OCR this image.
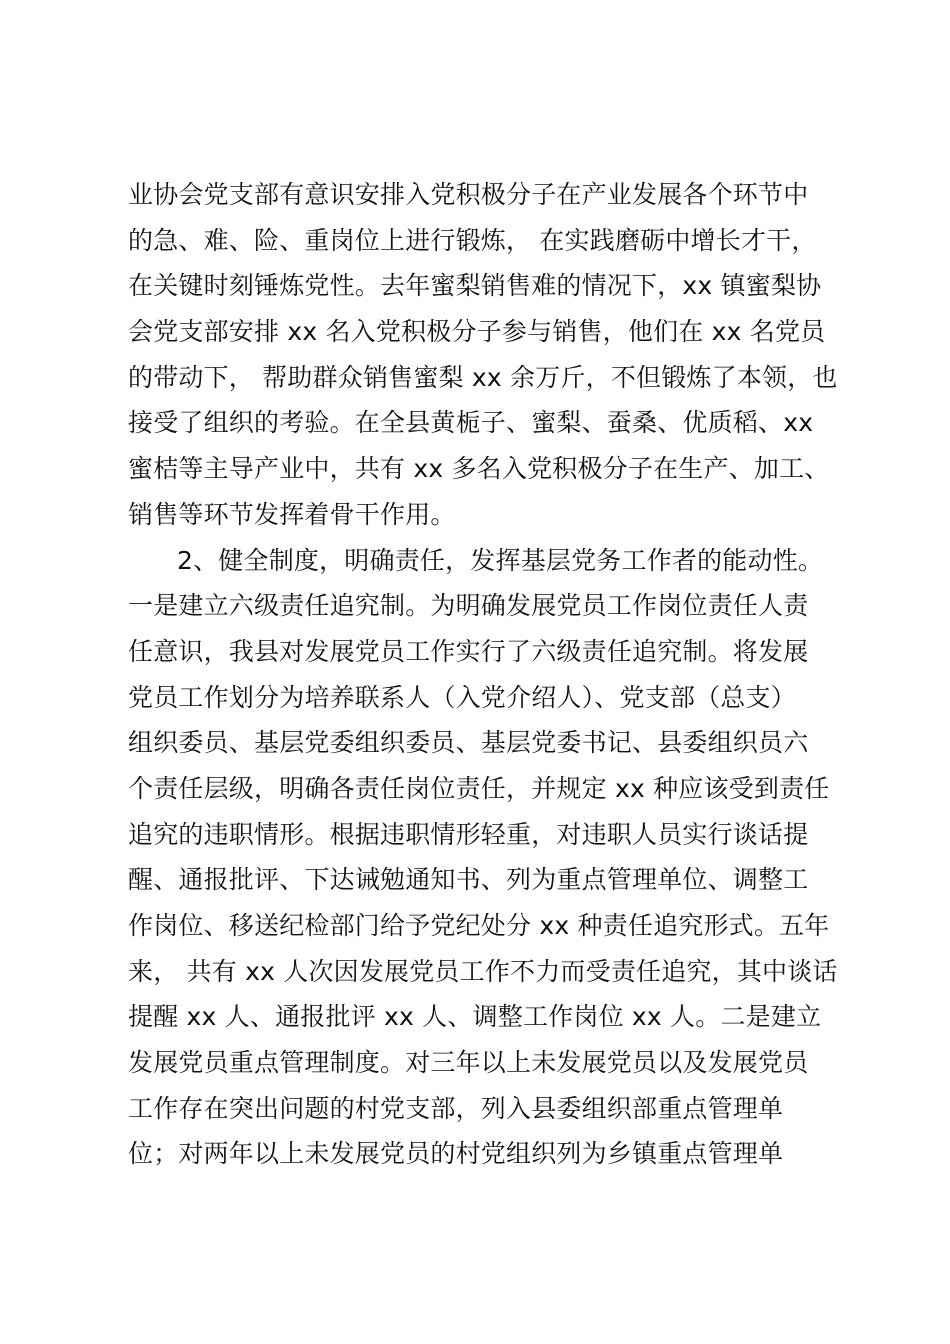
业协会党支部有意识安排入党积极分子在产业发展各个环节中
的急、难、险、重岗位上进行锻炼， 在实践磨砺中增长才干，
在关键时刻锤炼党性。去年蜜梨销售难的情况下，xx 镇蜜梨协
会党支部安排 xx 名入党积极分子参与销售，他们在 xx 名党员
的带动下， 帮助群众销售蜜梨 xx 余万斤，不但锻炼了本领，也
接受了组织的考验。在全县黄栀子、蜜梨、蚕桑、优质稻、xx
蜜桔等主导产业中，共有 xx 多名入党积极分子在生产、加工、
销售等环节发挥着骨干作用。
2、健全制度，明确责任，发挥基层党务工作者的能动性。
一是建立六级责任追究制。为明确发展党员工作岗位责任人责
任意识，我县对发展党员工作实行了六级责任追究制。将发展
党员工作划分为培养联系人（入党介绍人）、党支部（总支）
组织委员、基层党委组织委员、基层党委书记、县委组织员六
个责任层级，明确各责任岗位责任，并规定 xx 种应该受到责任
追究的违职情形。根据违职情形轻重，对违职人员实行谈话提
醒、通报批评、下达诫勉通知书、列为重点管理单位、调整工
作岗位、移送纪检部门给予党纪处分 xx 种责任追究形式。五年
来， 共有 xx 人次因发展党员工作不力而受责任追究，其中谈话
提醒 xx 人、通报批评 xx 人、调整工作岗位 xx 人。二是建立
发展党员重点管理制度。对三年以上未发展党员以及发展党员
工作存在突出问题的村党支部，列入县委组织部重点管理单
位；对两年以上未发展党员的村党组织列为乡镇重点管理单
